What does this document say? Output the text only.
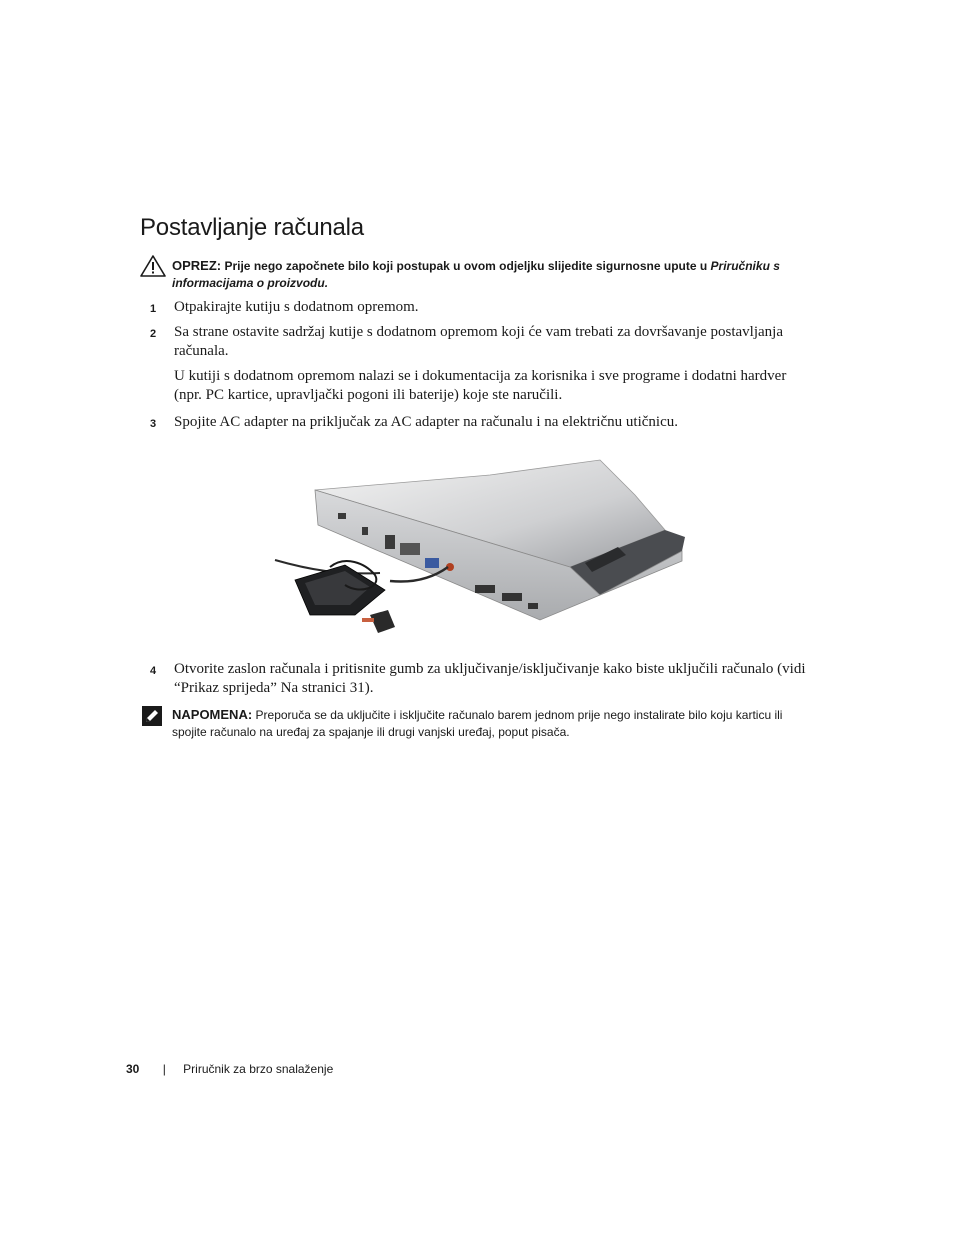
Postavljanje računala
OPREZ: Prije nego započnete bilo koji postupak u ovom odjeljku slijedite sigurnosne upute u Priručniku s informacijama o proizvodu.
1 Otpakirajte kutiju s dodatnom opremom.
2 Sa strane ostavite sadržaj kutije s dodatnom opremom koji će vam trebati za dovršavanje postavljanja računala.
U kutiji s dodatnom opremom nalazi se i dokumentacija za korisnika i sve programe i dodatni hardver (npr. PC kartice, upravljački pogoni ili baterije) koje ste naručili.
3 Spojite AC adapter na priključak za AC adapter na računalu i na električnu utičnicu.
4 Otvorite zaslon računala i pritisnite gumb za uključivanje/isključivanje kako biste uključili računalo (vidi “Prikaz sprijeda” Na stranici 31).
NAPOMENA: Preporuča se da uključite i isključite računalo barem jednom prije nego instalirate bilo koju karticu ili spojite računalo na uređaj za spajanje ili drugi vanjski uređaj, poput pisača.
30 | Priručnik za brzo snalaženje
